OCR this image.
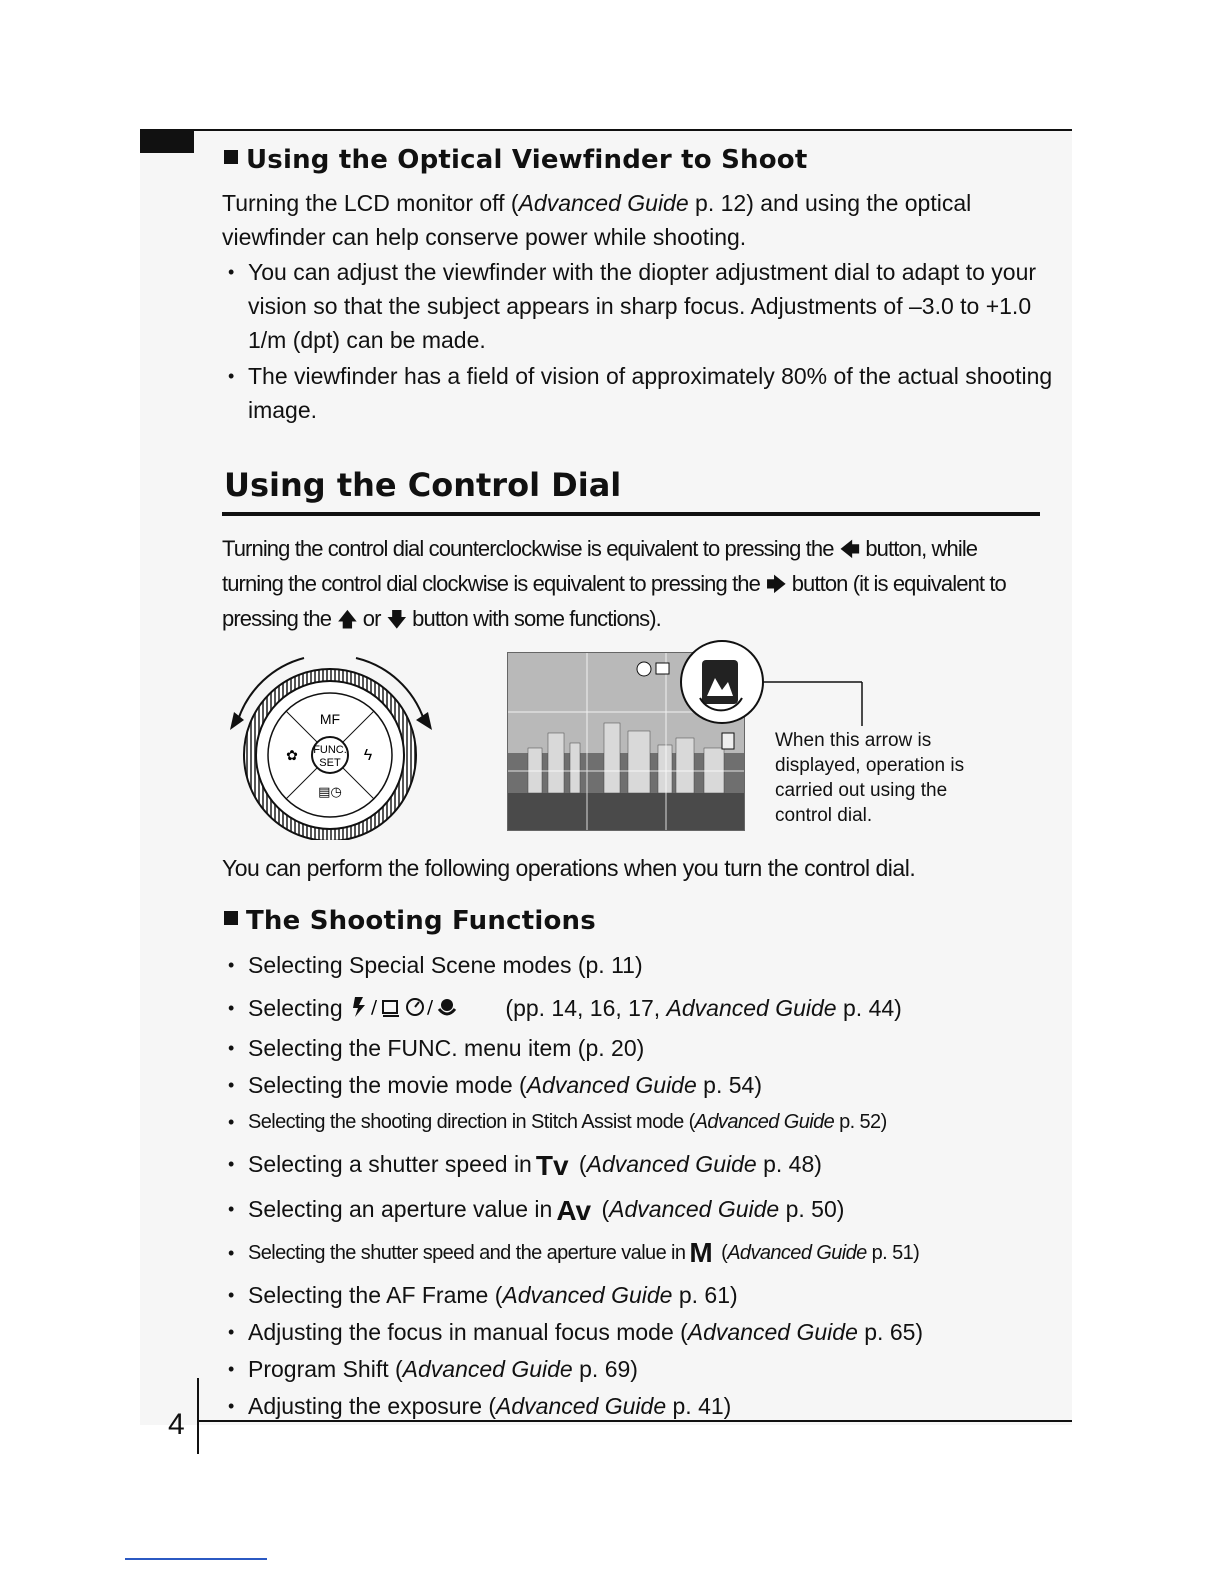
Using the Optical Viewfinder to Shoot

Turning the LCD monitor off (Advanced Guide p. 12) and using the optical viewfinder can help conserve power while shooting.

• You can adjust the viewfinder with the diopter adjustment dial to adapt to your vision so that the subject appears in sharp focus. Adjustments of –3.0 to +1.0 1/m (dpt) can be made.
• The viewfinder has a field of vision of approximately 80% of the actual shooting image.
Using the Control Dial

Turning the control dial counterclockwise is equivalent to pressing the 🡄 button, while turning the control dial clockwise is equivalent to pressing the 🡆 button (it is equivalent to pressing the 🡅 or 🡇 button with some functions).

MF
FUNC.
SET
✿	ϟ
▤◷
When this arrow is
displayed, operation is
carried out using the
control dial.

You can perform the following operations when you turn the control dial.

The Shooting Functions
• Selecting Special Scene modes (p. 11)
• Selecting /	/	(pp. 14, 16, 17, Advanced Guide p. 44)
• Selecting the FUNC. menu item (p. 20)
• Selecting the movie mode (Advanced Guide p. 54)
• Selecting the shooting direction in Stitch Assist mode (Advanced Guide p. 52)
• Selecting a shutter speed in Tv (Advanced Guide p. 48)
• Selecting an aperture value in Av (Advanced Guide p. 50)
• Selecting the shutter speed and the aperture value in M (Advanced Guide p. 51)
• Selecting the AF Frame (Advanced Guide p. 61)
• Adjusting the focus in manual focus mode (Advanced Guide p. 65)
• Program Shift (Advanced Guide p. 69)
• Adjusting the exposure (Advanced Guide p. 41)
4
